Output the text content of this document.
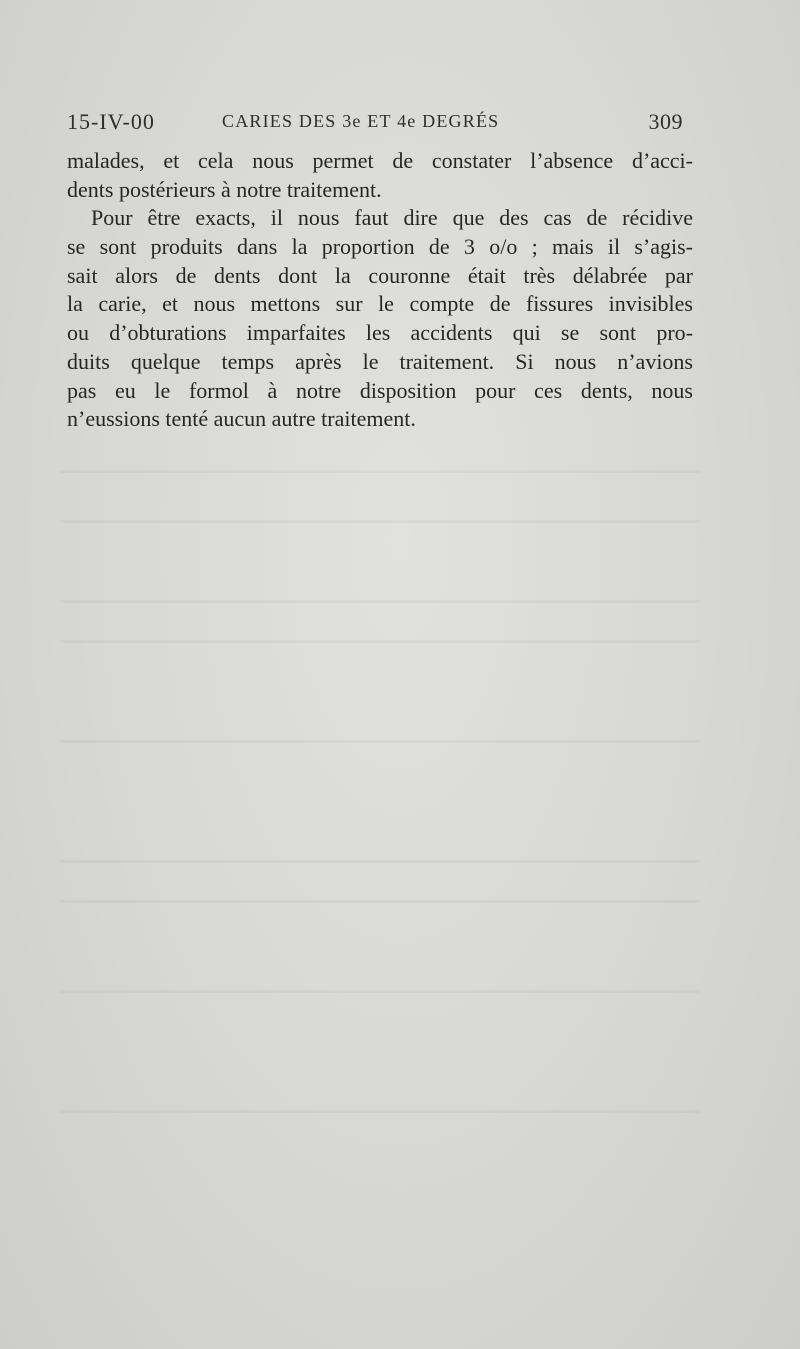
15-IV-00	CARIES DES 3e ET 4e DEGRÉS	309

malades, et cela nous permet de constater l’absence d’acci-
dents postérieurs à notre traitement.

Pour être exacts, il nous faut dire que des cas de récidive
se sont produits dans la proportion de 3 o/o ; mais il s’agis-
sait alors de dents dont la couronne était très délabrée par
la carie, et nous mettons sur le compte de fissures invisibles
ou d’obturations imparfaites les accidents qui se sont pro-
duits quelque temps après le traitement. Si nous n’avions
pas eu le formol à notre disposition pour ces dents, nous
n’eussions tenté aucun autre traitement.
